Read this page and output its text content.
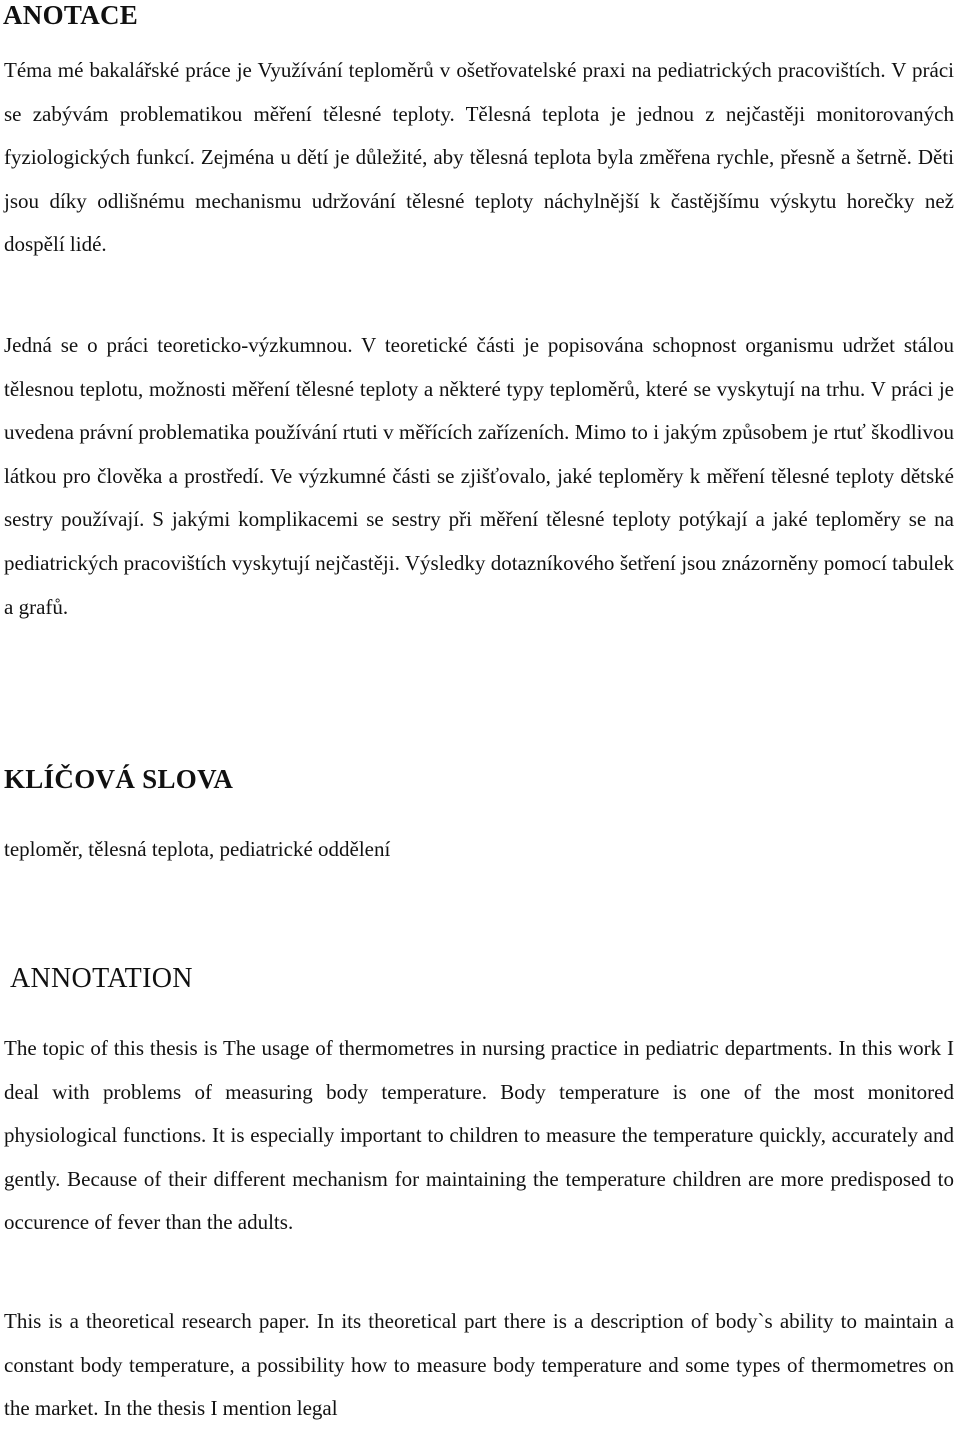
ANOTACE

Téma mé bakalářské práce je Využívání teploměrů v ošetřovatelské praxi na pediatrických pracovištích. V práci se zabývám problematikou měření tělesné teploty. Tělesná teplota je jednou z nejčastěji monitorovaných fyziologických funkcí. Zejména u dětí je důležité, aby tělesná teplota byla změřena rychle, přesně a šetrně. Děti jsou díky odlišnému mechanismu udržování tělesné teploty náchylnější k častějšímu výskytu horečky než dospělí lidé.

Jedná se o práci teoreticko-výzkumnou. V teoretické části je popisována schopnost organismu udržet stálou tělesnou teplotu, možnosti měření tělesné teploty a některé typy teploměrů, které se vyskytují na trhu. V práci je uvedena právní problematika používání rtuti v měřících zařízeních. Mimo to i jakým způsobem je rtuť škodlivou látkou pro člověka a prostředí. Ve výzkumné části se zjišťovalo, jaké teploměry k měření tělesné teploty dětské sestry používají. S jakými komplikacemi se sestry při měření tělesné teploty potýkají a jaké teploměry se na pediatrických pracovištích vyskytují nejčastěji. Výsledky dotazníkového šetření jsou znázorněny pomocí tabulek a grafů.

KLÍČOVÁ SLOVA

teploměr, tělesná teplota, pediatrické oddělení

ANNOTATION

The topic of this thesis is The usage of thermometres in nursing practice in pediatric departments. In this work I deal with problems of measuring body temperature. Body temperature is one of the most monitored physiological functions. It is especially important to children to measure the temperature quickly, accurately and gently. Because of their different mechanism for maintaining the temperature children are more predisposed to occurence of fever than the adults.

This is a theoretical research paper. In its theoretical part there is a description of body`s ability to maintain a constant body temperature, a possibility how to measure body temperature and some types of thermometres on the market. In the thesis I mention legal
